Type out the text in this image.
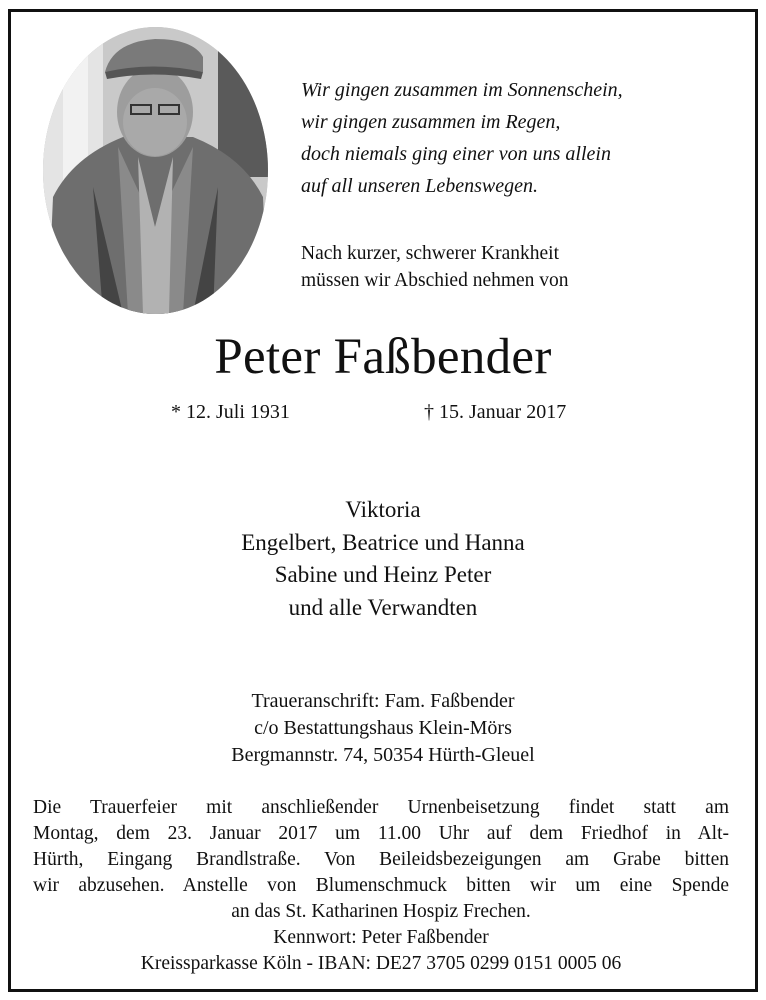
Wir gingen zusammen im Sonnenschein,
wir gingen zusammen im Regen,
doch niemals ging einer von uns allein
auf all unseren Lebenswegen.
Nach kurzer, schwerer Krankheit
müssen wir Abschied nehmen von
Peter Faßbender
* 12. Juli 1931	† 15. Januar 2017
Viktoria
Engelbert, Beatrice und Hanna
Sabine und Heinz Peter
und alle Verwandten
Traueranschrift: Fam. Faßbender
c/o Bestattungshaus Klein-Mörs
Bergmannstr. 74, 50354 Hürth-Gleuel
Die Trauerfeier mit anschließender Urnenbeisetzung findet statt am
Montag, dem 23. Januar 2017 um 11.00 Uhr auf dem Friedhof in Alt-
Hürth, Eingang Brandlstraße. Von Beileidsbezeigungen am Grabe bitten
wir abzusehen. Anstelle von Blumenschmuck bitten wir um eine Spende
an das St. Katharinen Hospiz Frechen.
Kennwort: Peter Faßbender
Kreissparkasse Köln - IBAN: DE27 3705 0299 0151 0005 06
